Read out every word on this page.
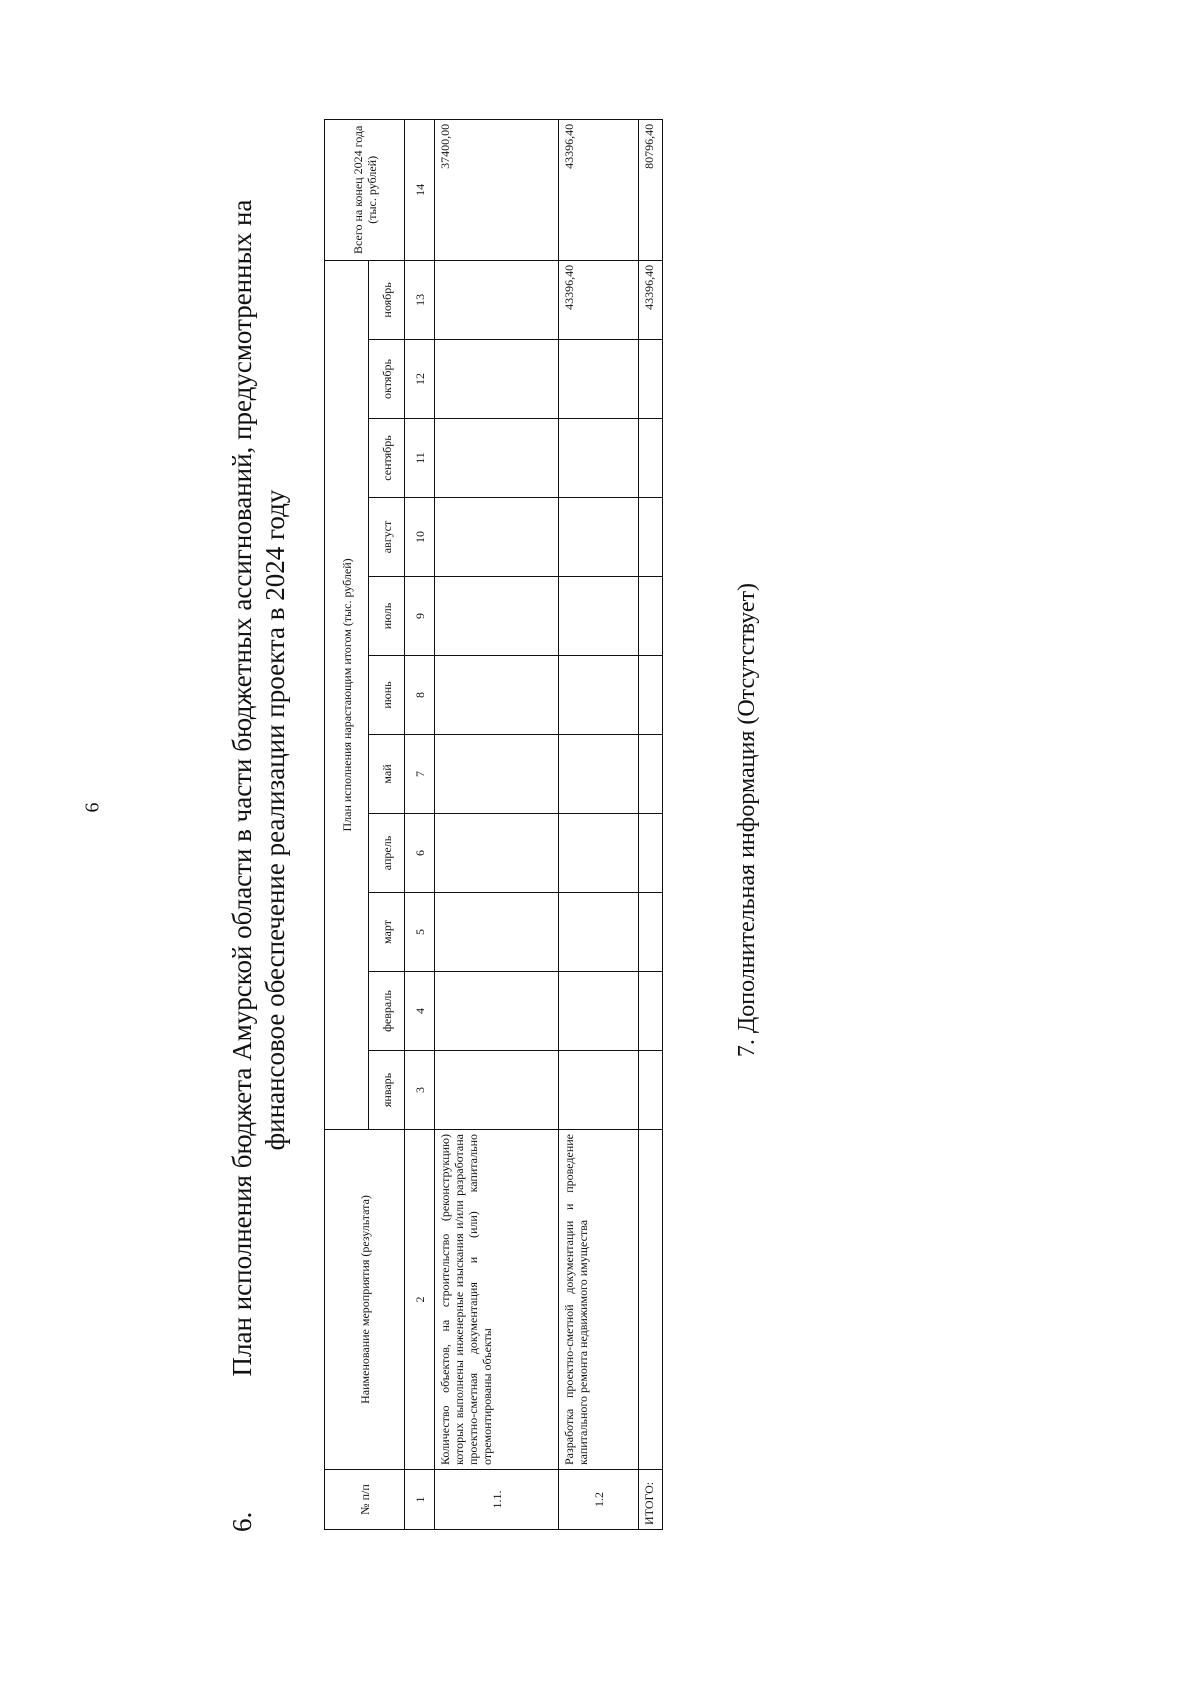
6
6.
План исполнения бюджета Амурской области в части бюджетных ассигнований, предусмотренных на финансовое обеспечение реализации проекта в 2024 году
№ п/п	Наименование мероприятия (результата)	План исполнения нарастающим итогом (тыс. рублей)											Всего на конец 2024 года (тыс. рублей)
		январь	февраль	март	апрель	май	июнь	июль	август	сентябрь	октябрь	ноябрь	
1	2	3	4	5	6	7	8	9	10	11	12	13	14
1.1.	Количество объектов, на строительство (реконструкцию) которых выполнены инженерные изыскания и/или разработана проектно-сметная документация и (или) капитально отремонтированы объекты												37400,00
1.2	Разработка проектно-сметной документации и проведение капитального ремонта недвижимого имущества											43396,40	43396,40
ИТОГО:												43396,40	80796,40
7. Дополнительная информация (Отсутствует)
